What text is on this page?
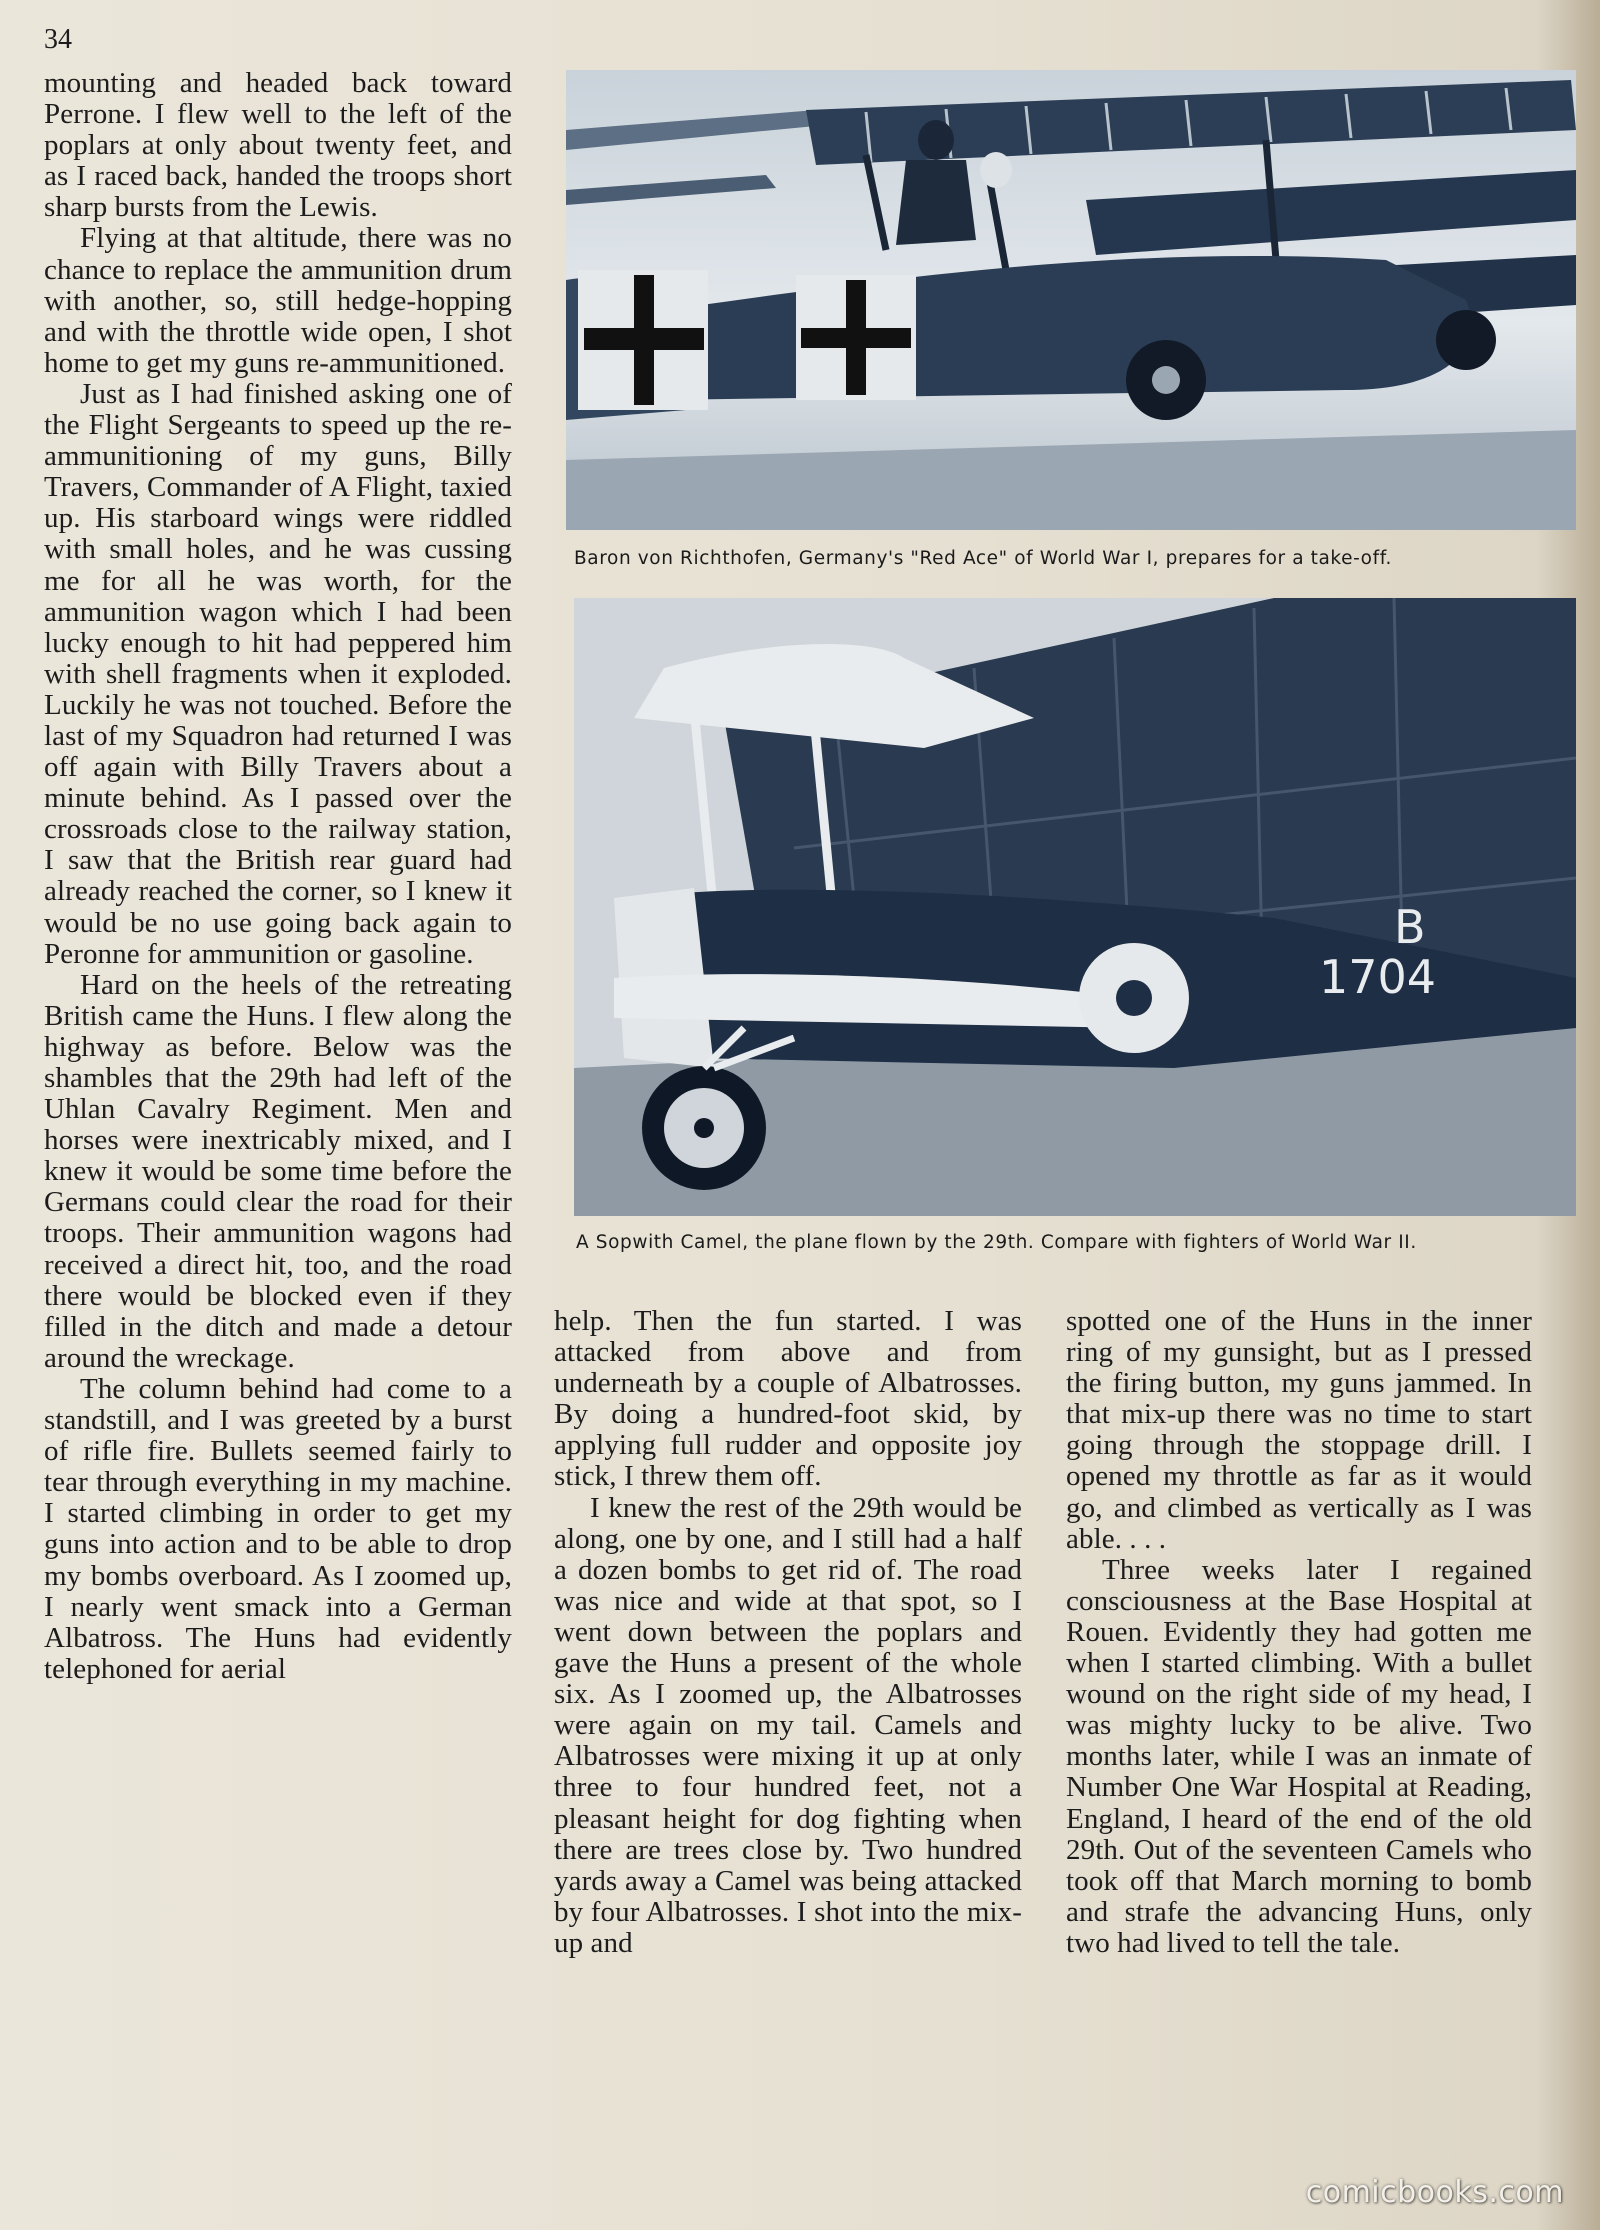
34

mounting and headed back toward Perrone. I flew well to the left of the poplars at only about twenty feet, and as I raced back, handed the troops short sharp bursts from the Lewis.

Flying at that altitude, there was no chance to replace the ammunition drum with another, so, still hedge-hopping and with the throttle wide open, I shot home to get my guns re-ammunitioned.

Just as I had finished asking one of the Flight Sergeants to speed up the re-ammunitioning of my guns, Billy Travers, Commander of A Flight, taxied up. His starboard wings were riddled with small holes, and he was cussing me for all he was worth, for the ammunition wagon which I had been lucky enough to hit had peppered him with shell fragments when it exploded. Luckily he was not touched. Before the last of my Squadron had returned I was off again with Billy Travers about a minute behind. As I passed over the crossroads close to the railway station, I saw that the British rear guard had already reached the corner, so I knew it would be no use going back again to Peronne for ammunition or gasoline.

Hard on the heels of the retreating British came the Huns. I flew along the highway as before. Below was the shambles that the 29th had left of the Uhlan Cavalry Regiment. Men and horses were inextricably mixed, and I knew it would be some time before the Germans could clear the road for their troops. Their ammunition wagons had received a direct hit, too, and the road there would be blocked even if they filled in the ditch and made a detour around the wreckage.

The column behind had come to a standstill, and I was greeted by a burst of rifle fire. Bullets seemed fairly to tear through everything in my machine. I started climbing in order to get my guns into action and to be able to drop my bombs overboard. As I zoomed up, I nearly went smack into a German Albatross. The Huns had evidently telephoned for aerial

Baron von Richthofen, Germany's "Red Ace" of World War I, prepares for a take-off.
B
1704
A Sopwith Camel, the plane flown by the 29th. Compare with fighters of World War II.

help. Then the fun started. I was attacked from above and from underneath by a couple of Albatrosses. By doing a hundred-foot skid, by applying full rudder and opposite joy stick, I threw them off.

I knew the rest of the 29th would be along, one by one, and I still had a half a dozen bombs to get rid of. The road was nice and wide at that spot, so I went down between the poplars and gave the Huns a present of the whole six. As I zoomed up, the Albatrosses were again on my tail. Camels and Albatrosses were mixing it up at only three to four hundred feet, not a pleasant height for dog fighting when there are trees close by. Two hundred yards away a Camel was being attacked by four Albatrosses. I shot into the mix-up and

spotted one of the Huns in the inner ring of my gunsight, but as I pressed the firing button, my guns jammed. In that mix-up there was no time to start going through the stoppage drill. I opened my throttle as far as it would go, and climbed as vertically as I was able. . . .

Three weeks later I regained consciousness at the Base Hospital at Rouen. Evidently they had gotten me when I started climbing. With a bullet wound on the right side of my head, I was mighty lucky to be alive. Two months later, while I was an inmate of Number One War Hospital at Reading, England, I heard of the end of the old 29th. Out of the seventeen Camels who took off that March morning to bomb and strafe the advancing Huns, only two had lived to tell the tale.

comicbooks.com
